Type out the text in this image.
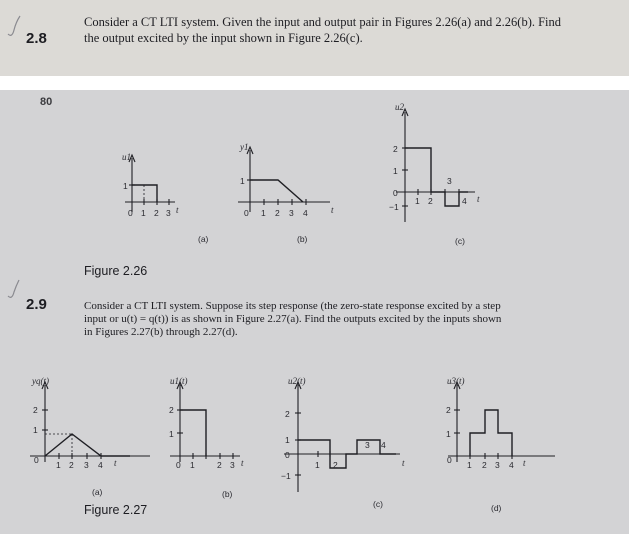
2.8
Consider a CT LTI system. Given the input and output pair in Figures 2.26(a) and 2.26(b). Find
the output excited by the input shown in Figure 2.26(c).
80
u1
1
0 1 2 3 t
(a)
y1
1
0 1 2 3 4	t
(b)
u2
2
1
0
−1
1 2
3
4 t
(c)
Figure 2.26
2.9	Consider a CT LTI system. Suppose its step response (the zero-state response excited by a step
input or u(t) = q(t)) is as shown in Figure 2.27(a). Find the outputs excited by the inputs shown
in Figures 2.27(b) through 2.27(d).
yq(t)
2
1
0 1 2 3 4 t
(a)
u1(t)
2
1
0 1	2 3 t
(b)
u2(t)
2
1
0
−1
1 2
3 4
t
(c)
u3(t)
2
1
0 1 2 3 4 t
(d)
Figure 2.27
